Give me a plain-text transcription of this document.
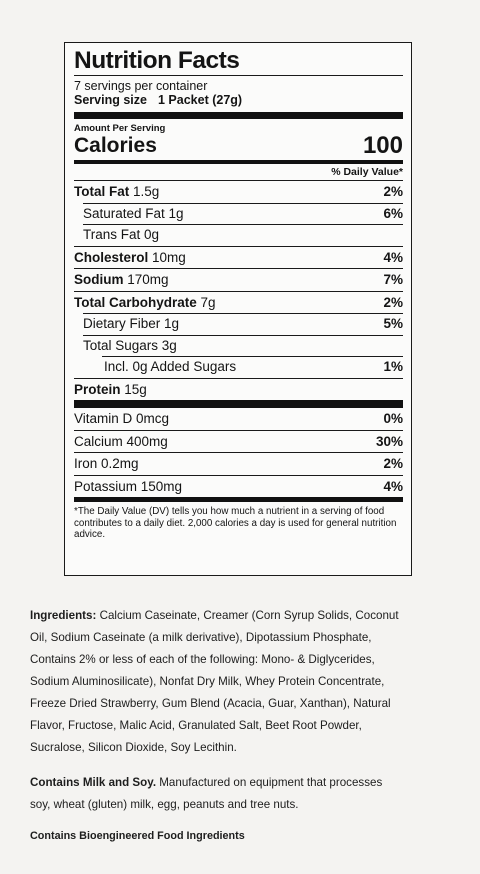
Nutrition Facts
7 servings per container
Serving size 1 Packet (27g)
Amount Per Serving
Calories	100
% Daily Value*
Total Fat 1.5g	2%
Saturated Fat 1g	6%
Trans Fat 0g
Cholesterol 10mg	4%
Sodium 170mg	7%
Total Carbohydrate 7g	2%
Dietary Fiber 1g	5%
Total Sugars 3g
Incl. 0g Added Sugars	1%
Protein 15g
Vitamin D 0mcg	0%
Calcium 400mg	30%
Iron 0.2mg	2%
Potassium 150mg	4%
*The Daily Value (DV) tells you how much a nutrient in a serving of food contributes to a daily diet. 2,000 calories a day is used for general nutrition advice.
Ingredients: Calcium Caseinate, Creamer (Corn Syrup Solids, Coconut
Oil, Sodium Caseinate (a milk derivative), Dipotassium Phosphate,
Contains 2% or less of each of the following: Mono- & Diglycerides,
Sodium Aluminosilicate), Nonfat Dry Milk, Whey Protein Concentrate,
Freeze Dried Strawberry, Gum Blend (Acacia, Guar, Xanthan), Natural
Flavor, Fructose, Malic Acid, Granulated Salt, Beet Root Powder,
Sucralose, Silicon Dioxide, Soy Lecithin.
Contains Milk and Soy. Manufactured on equipment that processes
soy, wheat (gluten) milk, egg, peanuts and tree nuts.
Contains Bioengineered Food Ingredients
